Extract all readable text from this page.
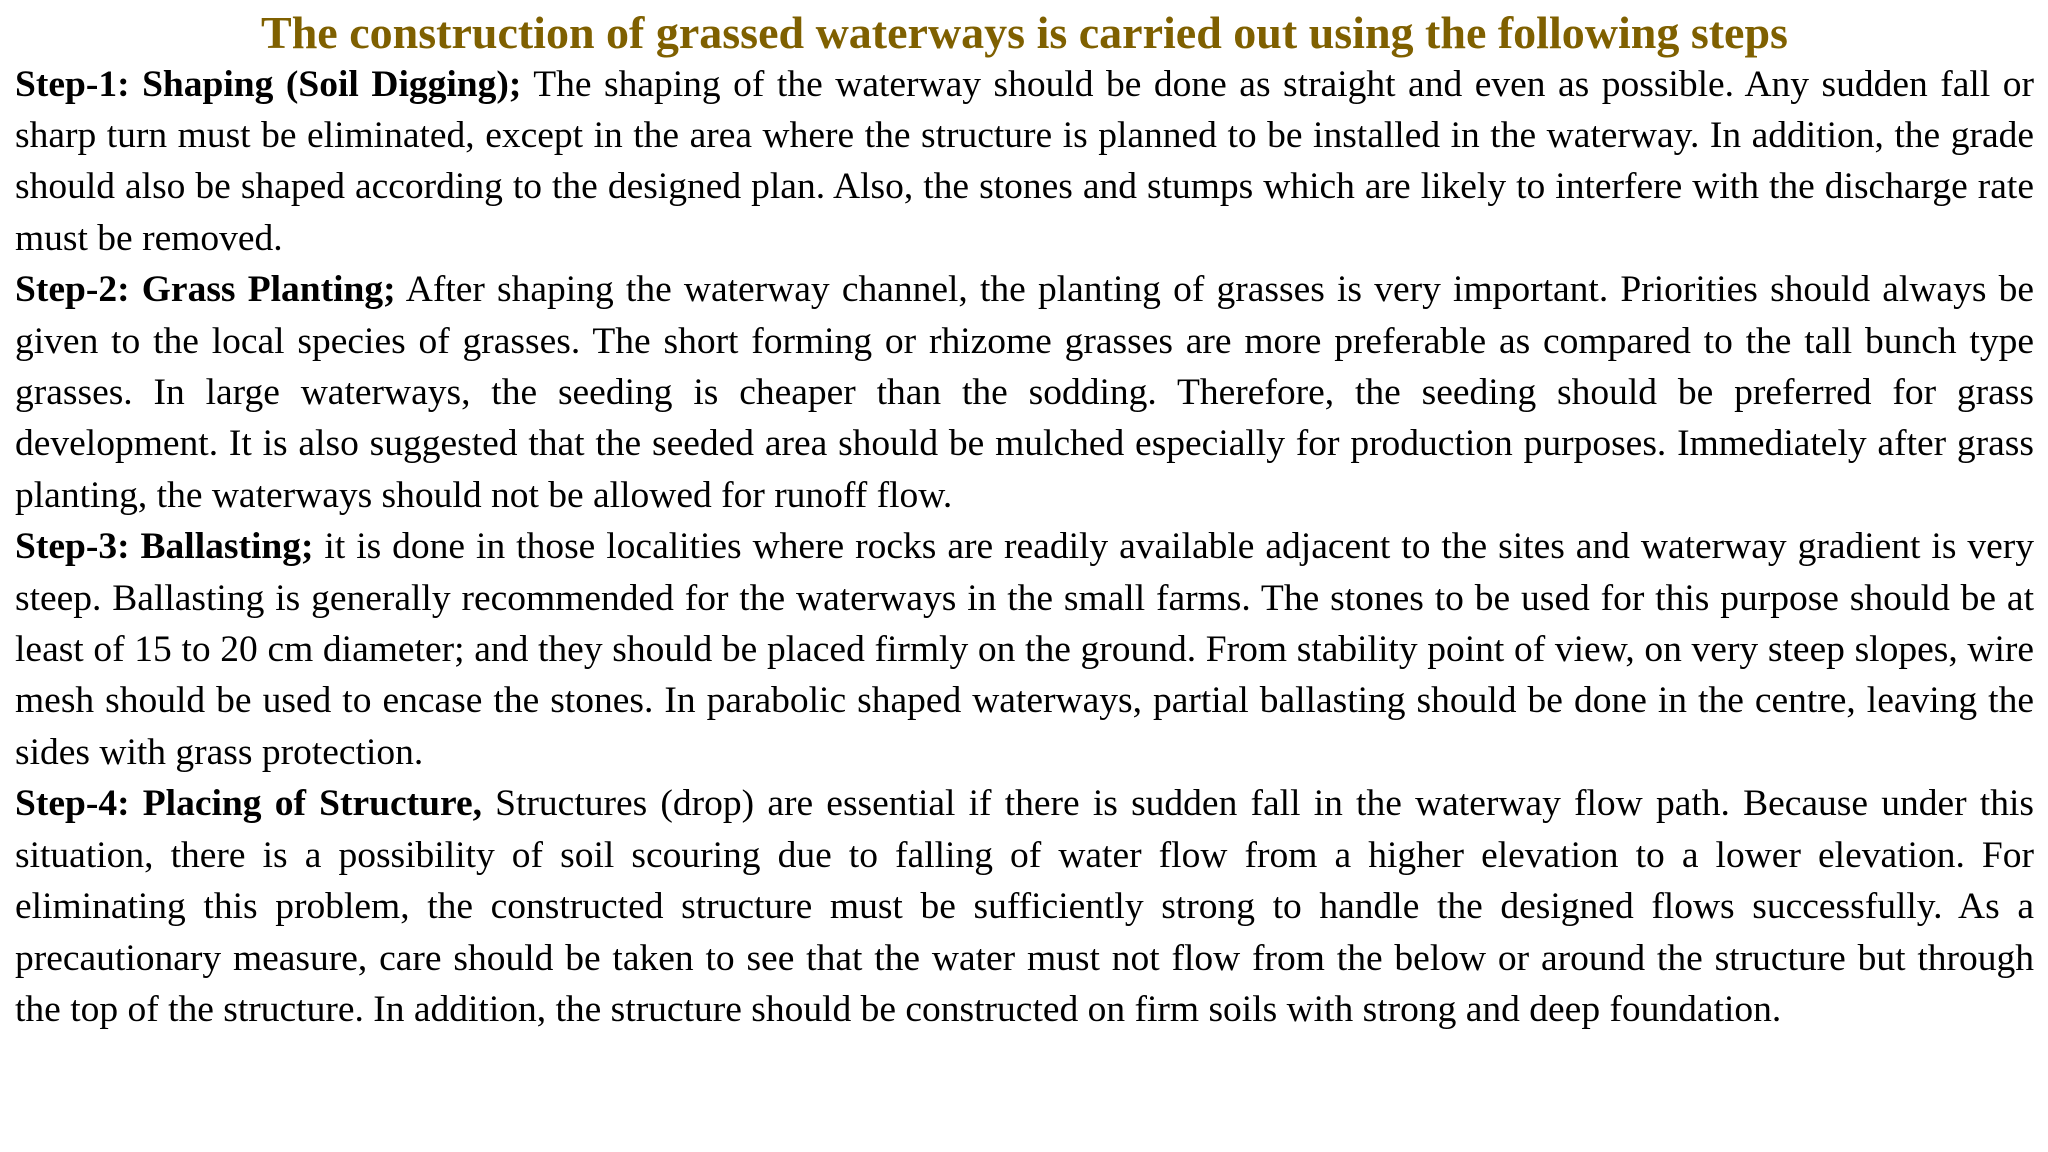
The construction of grassed waterways is carried out using the following steps

Step-1: Shaping (Soil Digging); The shaping of the waterway should be done as straight and even as possible. Any sudden fall or sharp turn must be eliminated, except in the area where the structure is planned to be installed in the waterway. In addition, the grade should also be shaped according to the designed plan. Also, the stones and stumps which are likely to interfere with the discharge rate must be removed.

Step-2: Grass Planting; After shaping the waterway channel, the planting of grasses is very important. Priorities should always be given to the local species of grasses. The short forming or rhizome grasses are more preferable as compared to the tall bunch type grasses. In large waterways, the seeding is cheaper than the sodding. Therefore, the seeding should be preferred for grass development. It is also suggested that the seeded area should be mulched especially for production purposes. Immediately after grass planting, the waterways should not be allowed for runoff flow.

Step-3: Ballasting; it is done in those localities where rocks are readily available adjacent to the sites and waterway gradient is very steep. Ballasting is generally recommended for the waterways in the small farms. The stones to be used for this purpose should be at least of 15 to 20 cm diameter; and they should be placed firmly on the ground. From stability point of view, on very steep slopes, wire mesh should be used to encase the stones. In parabolic shaped waterways, partial ballasting should be done in the centre, leaving the sides with grass protection.

Step-4: Placing of Structure, Structures (drop) are essential if there is sudden fall in the waterway flow path. Because under this situation, there is a possibility of soil scouring due to falling of water flow from a higher elevation to a lower elevation. For eliminating this problem, the constructed structure must be sufficiently strong to handle the designed flows successfully. As a precautionary measure, care should be taken to see that the water must not flow from the below or around the structure but through the top of the structure. In addition, the structure should be constructed on firm soils with strong and deep foundation.
